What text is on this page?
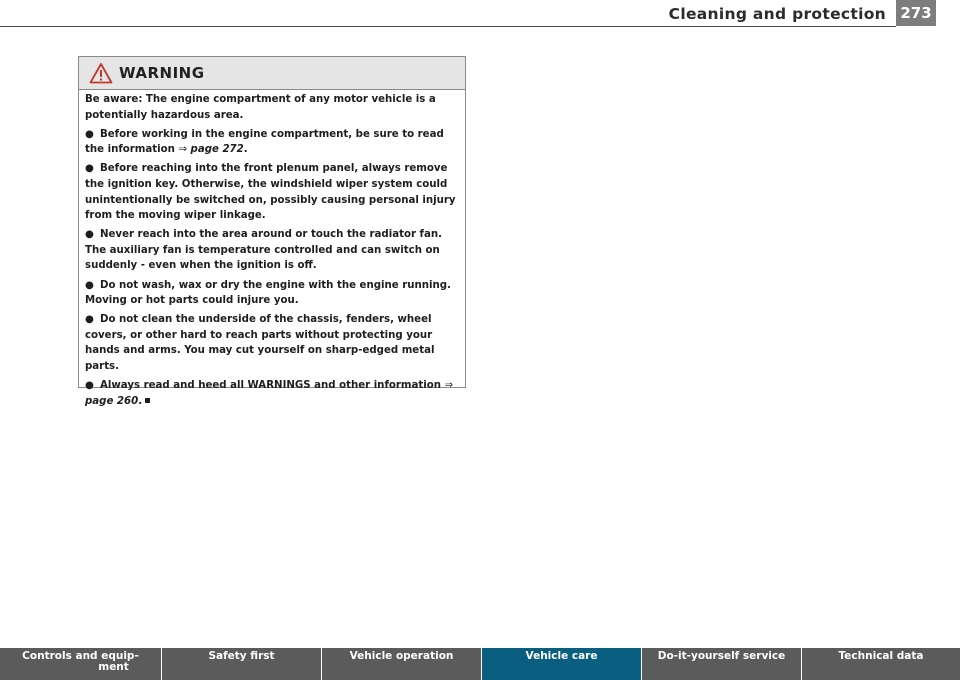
Cleaning and protection 273
WARNING

Be aware: The engine compartment of any motor vehicle is a potentially hazardous area.

● Before working in the engine compartment, be sure to read the information ⇒ page 272.

● Before reaching into the front plenum panel, always remove the ignition key. Otherwise, the windshield wiper system could unintentionally be switched on, possibly causing personal injury from the moving wiper linkage.

● Never reach into the area around or touch the radiator fan. The auxiliary fan is temperature controlled and can switch on suddenly - even when the ignition is off.

● Do not wash, wax or dry the engine with the engine running. Moving or hot parts could injure you.

● Do not clean the underside of the chassis, fenders, wheel covers, or other hard to reach parts without protecting your hands and arms. You may cut yourself on sharp-edged metal parts.

● Always read and heed all WARNINGS and other information ⇒ page 260.

Controls and equip-
ment
Safety first	Vehicle operation	Vehicle care	Do-it-yourself service	Technical data
